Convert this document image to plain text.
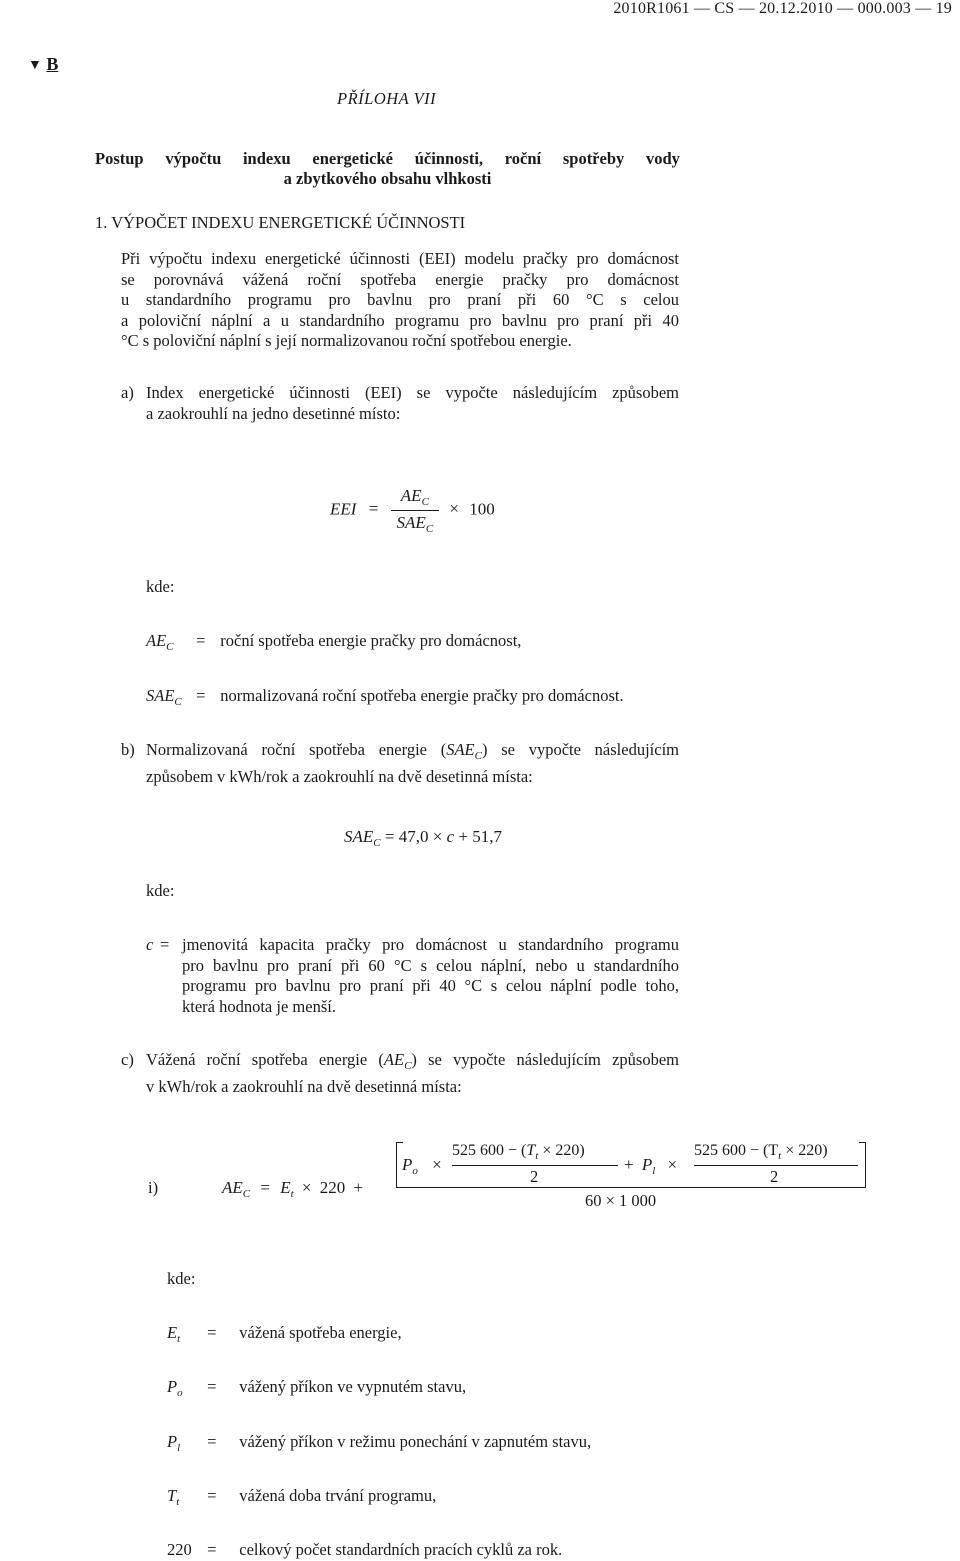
2010R1061 — CS — 20.12.2010 — 000.003 — 19
▼ B
PŘÍLOHA VII
Postup výpočtu indexu energetické účinnosti, roční spotřeby vody
a zbytkového obsahu vlhkosti
1. VÝPOČET INDEXU ENERGETICKÉ ÚČINNOSTI
Při výpočtu indexu energetické účinnosti (EEI) modelu pračky pro domácnost
se porovnává vážená roční spotřeba energie pračky pro domácnost
u standardního programu pro bavlnu pro praní při 60 °C s celou
a poloviční náplní a u standardního programu pro bavlnu pro praní při 40
°C s poloviční náplní s její normalizovanou roční spotřebou energie.
a) Index energetické účinnosti (EEI) se vypočte následujícím způsobem
a zaokrouhlí na jedno desetinné místo:
EEI = $\frac{AE_C}{SAE_C} \times 100$
kde:
$AE_C$ = roční spotřeba energie pračky pro domácnost,
$SAE_C$ = normalizovaná roční spotřeba energie pračky pro domácnost.
b) Normalizovaná roční spotřeba energie $(SAE_C)$ se vypočte následujícím
způsobem v kWh/rok a zaokrouhlí na dvě desetinná místa:
$SAE_C = 47,0 \times c + 51,7$
kde:
c = jmenovitá kapacita pračky pro domácnost u standardního programu
pro bavlnu pro praní při 60 °C s celou náplní, nebo u standardního
programu pro bavlnu pro praní při 40 °C s celou náplní podle toho,
která hodnota je menší.
c) Vážená roční spotřeba energie $(AE_C)$ se vypočte následujícím způsobem
v kWh/rok a zaokrouhlí na dvě desetinná místa:
i)	$AE_C = E_t \times 220$ +
$P_o$ ×
525 $600 - (T_t \times 220)$
2
+ $P_l$ ×
525 $600 - (T_t \times 220)$
2
60 × 1 000
kde:
$E_t$ = vážená spotřeba energie,
$P_o$ = vážený příkon ve vypnutém stavu,
$P_l$ = vážený příkon v režimu ponechání v zapnutém stavu,
$T_t$ = vážená doba trvání programu,
220 = celkový počet standardních pracích cyklů za rok.
